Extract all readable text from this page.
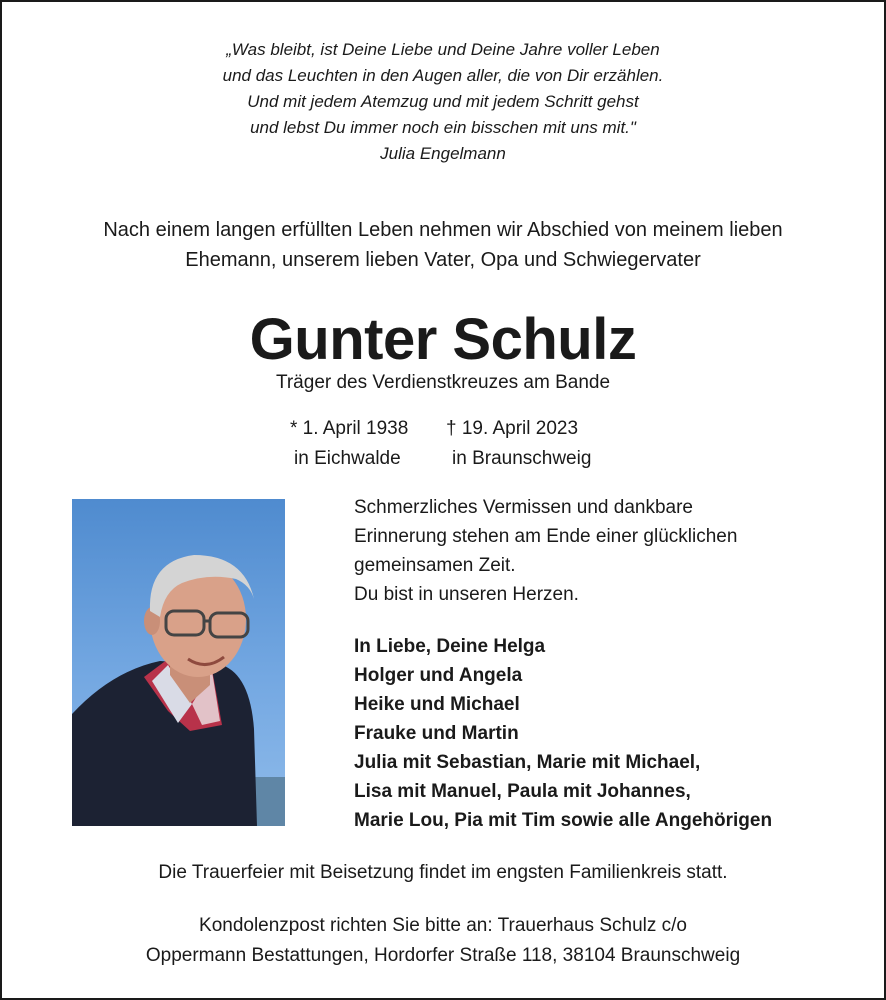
„Was bleibt, ist Deine Liebe und Deine Jahre voller Leben
und das Leuchten in den Augen aller, die von Dir erzählen.
Und mit jedem Atemzug und mit jedem Schritt gehst
und lebst Du immer noch ein bisschen mit uns mit."
Julia Engelmann
Nach einem langen erfüllten Leben nehmen wir Abschied von meinem lieben
Ehemann, unserem lieben Vater, Opa und Schwiegervater
Gunter Schulz
Träger des Verdienstkreuzes am Bande
* 1. April 1938
in Eichwalde
† 19. April 2023
in Braunschweig
Schmerzliches Vermissen und dankbare
Erinnerung stehen am Ende einer glücklichen
gemeinsamen Zeit.
Du bist in unseren Herzen.
In Liebe, Deine Helga
Holger und Angela
Heike und Michael
Frauke und Martin
Julia mit Sebastian, Marie mit Michael,
Lisa mit Manuel, Paula mit Johannes,
Marie Lou, Pia mit Tim sowie alle Angehörigen
Die Trauerfeier mit Beisetzung findet im engsten Familienkreis statt.
Kondolenzpost richten Sie bitte an: Trauerhaus Schulz c/o
Oppermann Bestattungen, Hordorfer Straße 118, 38104 Braunschweig
